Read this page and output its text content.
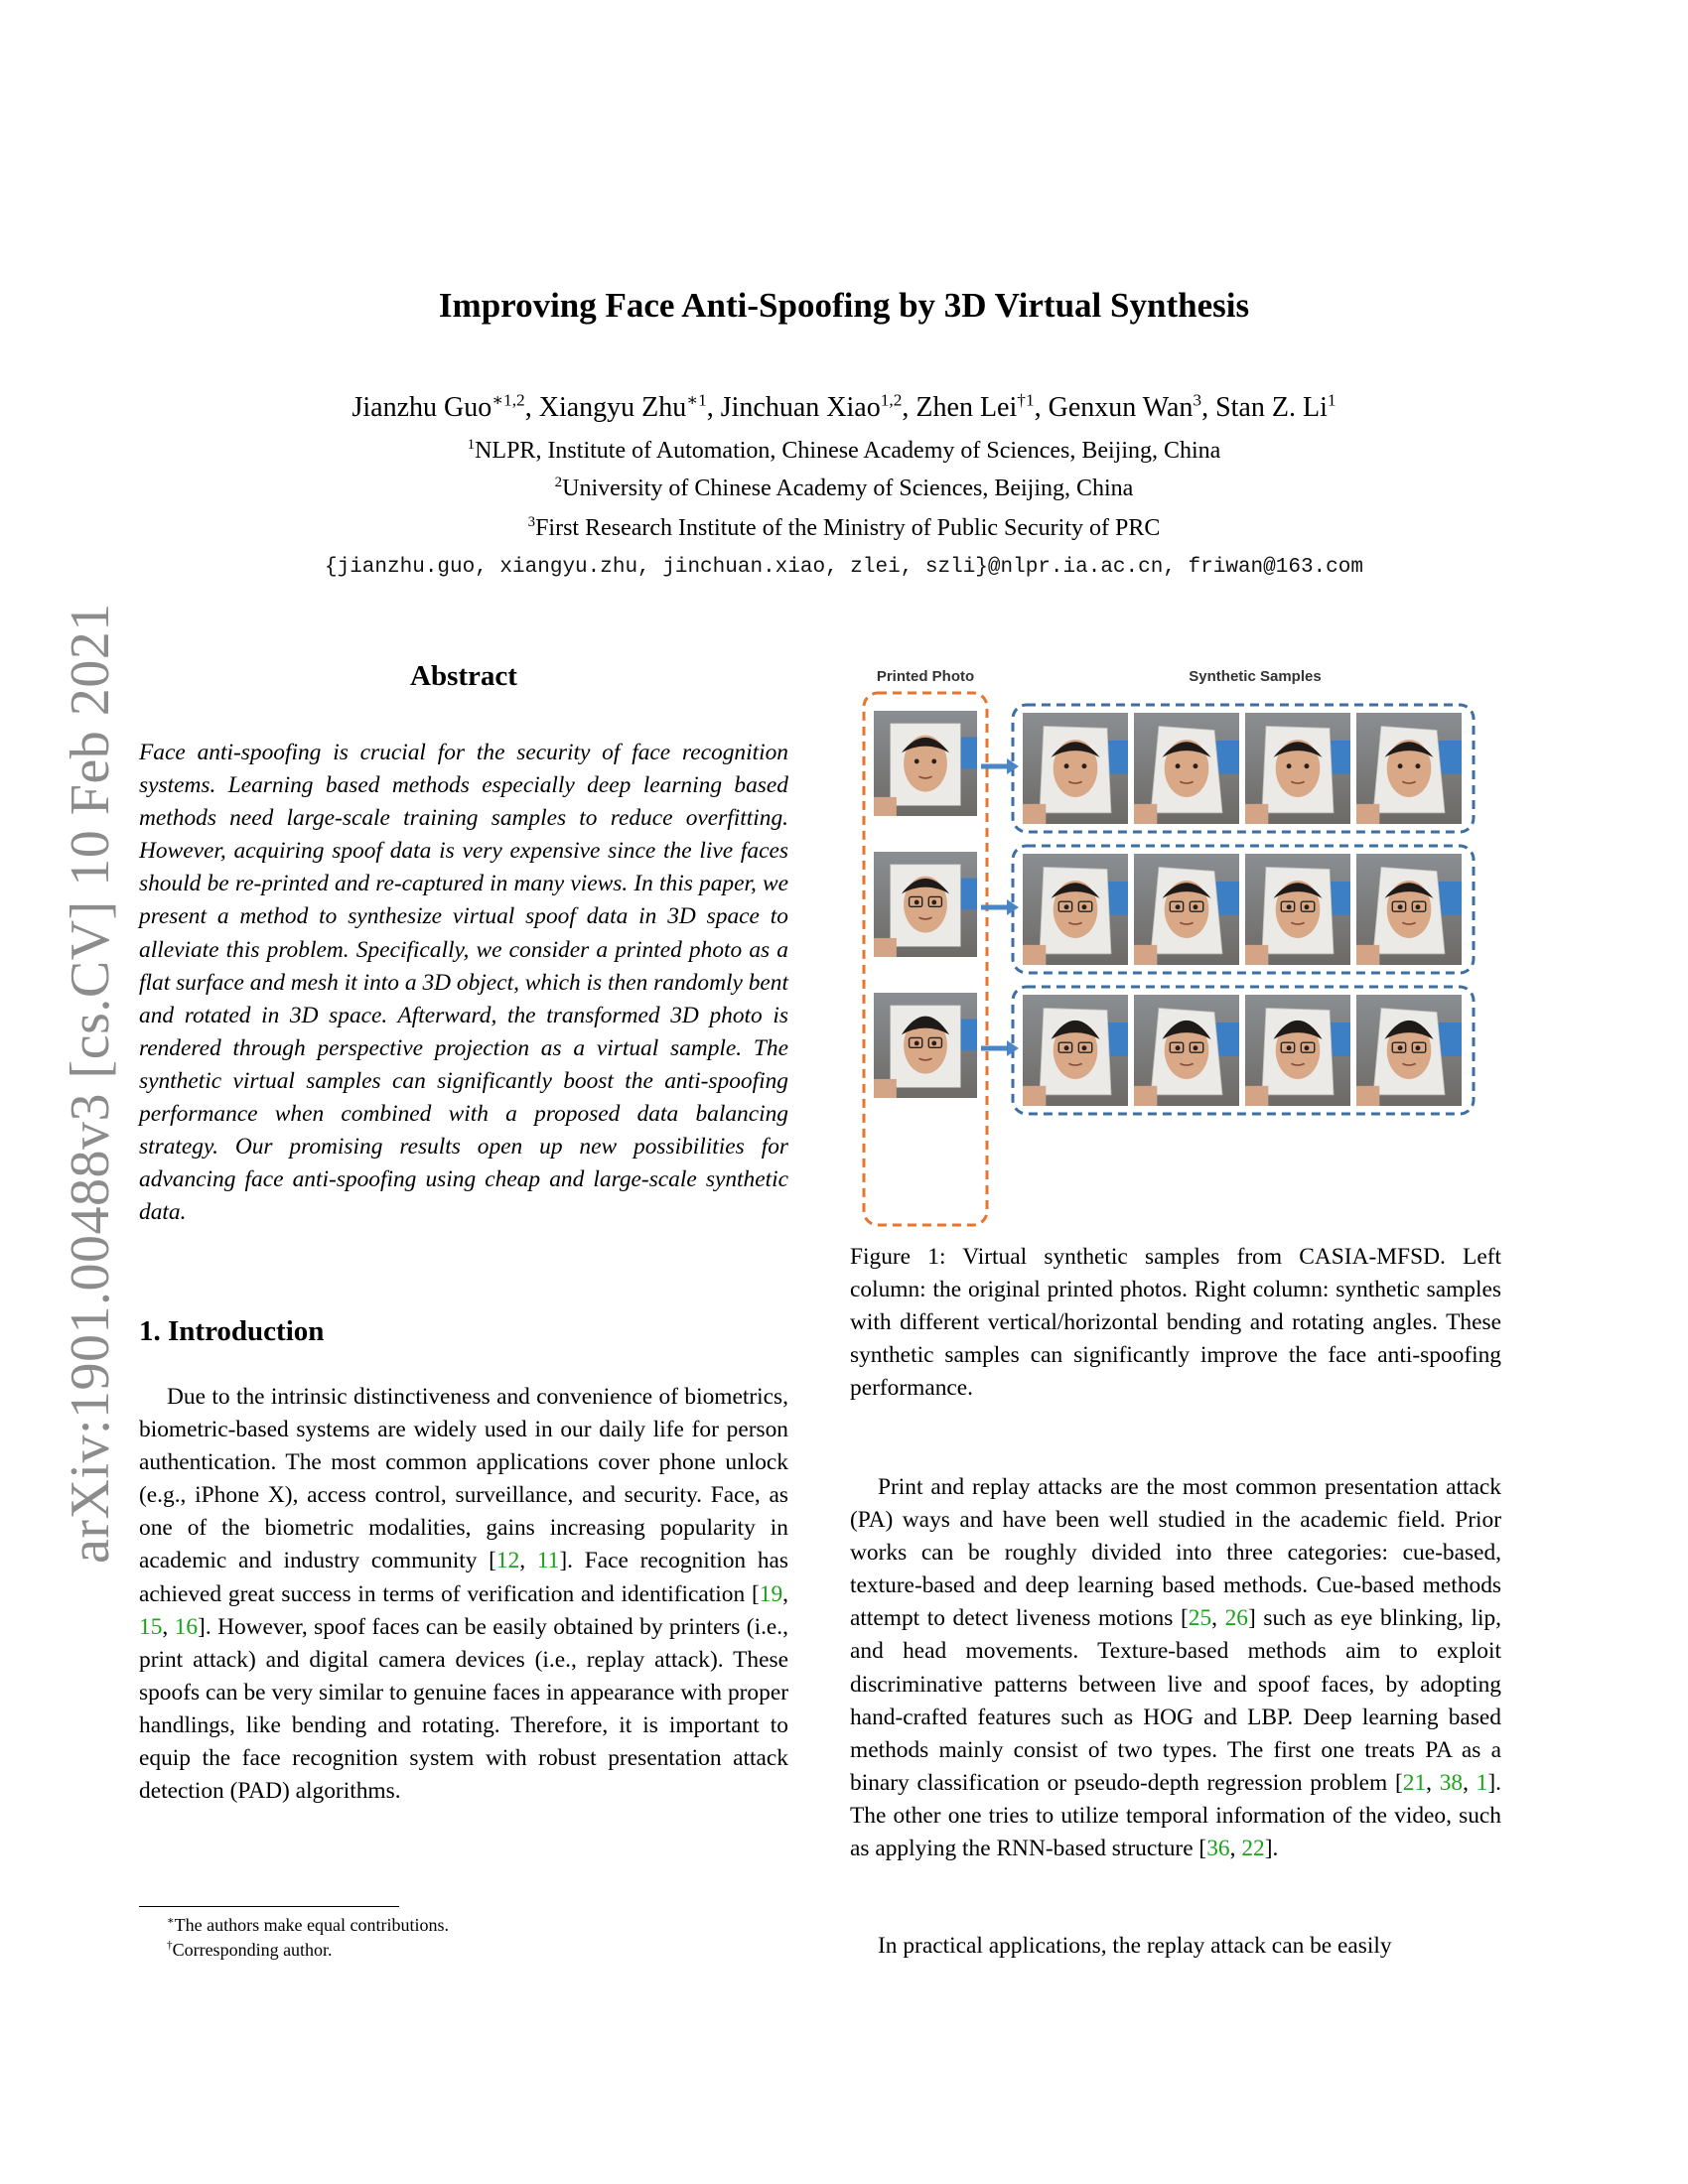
arXiv:1901.00488v3 [cs.CV] 10 Feb 2021
Improving Face Anti-Spoofing by 3D Virtual Synthesis
Jianzhu Guo$^{∗1,2}$, Xiangyu Zhu$^{∗1}$, Jinchuan Xiao$^{1,2}$, Zhen Lei$^{\dagger 1}$, Genxun Wan$^3$, Stan Z. Li$^1$
$^1$NLPR, Institute of Automation, Chinese Academy of Sciences, Beijing, China
$^2$University of Chinese Academy of Sciences, Beijing, China
$^3$First Research Institute of the Ministry of Public Security of PRC
{jianzhu.guo, xiangyu.zhu, jinchuan.xiao, zlei, szli}@nlpr.ia.ac.cn, friwan@163.com
Abstract
Face anti-spoofing is crucial for the security of face recognition systems. Learning based methods especially deep learning based methods need large-scale training samples to reduce overfitting. However, acquiring spoof data is very expensive since the live faces should be re-printed and re-captured in many views. In this paper, we present a method to synthesize virtual spoof data in 3D space to alleviate this problem. Specifically, we consider a printed photo as a flat surface and mesh it into a 3D object, which is then randomly bent and rotated in 3D space. Afterward, the transformed 3D photo is rendered through perspective projection as a virtual sample. The synthetic virtual samples can significantly boost the anti-spoofing performance when combined with a proposed data balancing strategy. Our promising results open up new possibilities for advancing face anti-spoofing using cheap and large-scale synthetic data.
1. Introduction
Due to the intrinsic distinctiveness and convenience of biometrics, biometric-based systems are widely used in our daily life for person authentication. The most common applications cover phone unlock (e.g., iPhone X), access control, surveillance, and security. Face, as one of the biometric modalities, gains increasing popularity in academic and industry community [12, 11]. Face recognition has achieved great success in terms of verification and identification [19, 15, 16]. However, spoof faces can be easily obtained by printers (i.e., print attack) and digital camera devices (i.e., replay attack). These spoofs can be very similar to genuine faces in appearance with proper handlings, like bending and rotating. Therefore, it is important to equip the face recognition system with robust presentation attack detection (PAD) algorithms.
∗The authors make equal contributions.
†Corresponding author.
Printed Photo	Synthetic Samples
Figure 1: Virtual synthetic samples from CASIA-MFSD. Left column: the original printed photos. Right column: synthetic samples with different vertical/horizontal bending and rotating angles. These synthetic samples can significantly improve the face anti-spoofing performance.
Print and replay attacks are the most common presentation attack (PA) ways and have been well studied in the academic field. Prior works can be roughly divided into three categories: cue-based, texture-based and deep learning based methods. Cue-based methods attempt to detect liveness motions [25, 26] such as eye blinking, lip, and head movements. Texture-based methods aim to exploit discriminative patterns between live and spoof faces, by adopting hand-crafted features such as HOG and LBP. Deep learning based methods mainly consist of two types. The first one treats PA as a binary classification or pseudo-depth regression problem [21, 38, 1]. The other one tries to utilize temporal information of the video, such as applying the RNN-based structure [36, 22].
In practical applications, the replay attack can be easily
